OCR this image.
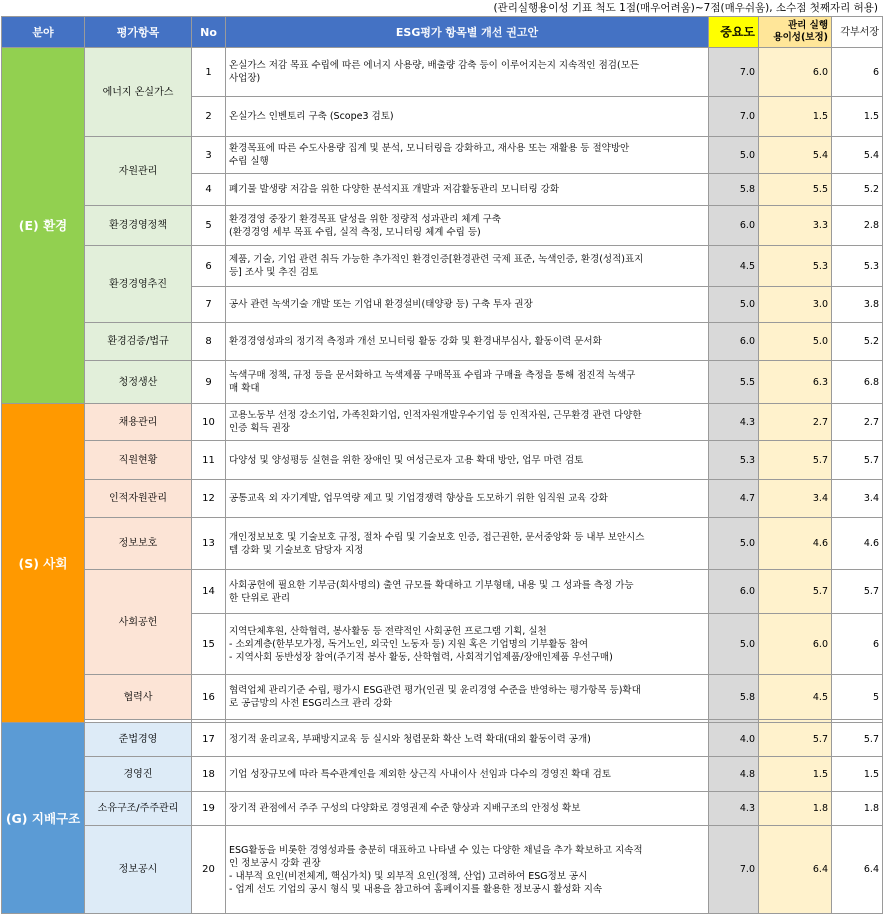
(관리실행용이성 기표 척도 1점(매우어려움)~7점(매우쉬움), 소수점 첫째자리 허용)
분야	평가항목	No	ESG평가 항목별 개선 권고안	중요도	관리 실행
용이성(보정)	각부서장
(E) 환경	에너지 온실가스	1	온실가스 저감 목표 수립에 따른 에너지 사용량, 배출량 감축 등이 이루어지는지 지속적인 점검(모든
사업장)	7.0	6.0	6
		2	온실가스 인벤토리 구축 (Scope3 검토)	7.0	1.5	1.5
	자원관리	3	환경목표에 따른 수도사용량 집계 및 분석, 모니터링을 강화하고, 재사용 또는 재활용 등 절약방안
수립 실행	5.0	5.4	5.4
		4	폐기물 발생량 저감을 위한 다양한 분석지표 개발과 저감활동관리 모니터링 강화	5.8	5.5	5.2
	환경경영정책	5	환경경영 중장기 환경목표 달성을 위한 정량적 성과관리 체계 구축
(환경경영 세부 목표 수립, 실적 측정, 모니터링 체계 수립 등)	6.0	3.3	2.8
	환경경영추진	6	제품, 기술, 기업 관련 취득 가능한 추가적인 환경인증[환경관련 국제 표준, 녹색인증, 환경(성적)표지
등] 조사 및 추진 검토	4.5	5.3	5.3
		7	공사 관련 녹색기술 개발 또는 기업내 환경설비(태양광 등) 구축 투자 권장	5.0	3.0	3.8
	환경검증/법규	8	환경경영성과의 정기적 측정과 개선 모니터링 활동 강화 및 환경내부심사, 활동이력 문서화	6.0	5.0	5.2
	청정생산	9	녹색구매 정책, 규정 등을 문서화하고 녹색제품 구매목표 수립과 구매율 측정을 통해 점진적 녹색구
매 확대	5.5	6.3	6.8
(S) 사회	채용관리	10	고용노동부 선정 강소기업, 가족친화기업, 인적자원개발우수기업 등 인적자원, 근무환경 관련 다양한
인증 획득 권장	4.3	2.7	2.7
	직원현황	11	다양성 및 양성평등 실현을 위한 장애인 및 여성근로자 고용 확대 방안, 업무 마련 검토	5.3	5.7	5.7
	인적자원관리	12	공통교육 외 자기계발, 업무역량 제고 및 기업경쟁력 향상을 도모하기 위한 임직원 교육 강화	4.7	3.4	3.4
	정보보호	13	개인정보보호 및 기술보호 규정, 절차 수립 및 기술보호 인증, 접근권한, 문서중앙화 등 내부 보안시스
템 강화 및 기술보호 담당자 지정	5.0	4.6	4.6
	사회공헌	14	사회공헌에 필요한 기부금(회사명의) 출연 규모를 확대하고 기부형태, 내용 및 그 성과를 측정 가능
한 단위로 관리	6.0	5.7	5.7
		15	지역단체후원, 산학협력, 봉사활동 등 전략적인 사회공헌 프로그램 기획, 실천
- 소외계층(한부모가정, 독거노인, 외국인 노동자 등) 지원 혹은 기업명의 기부활동 참여
- 지역사회 동반성장 참여(주기적 봉사 활동, 산학협력, 사회적기업제품/장애인제품 우선구매)	5.0	6.0	6
	협력사	16	협력업체 관리기준 수립, 평가시 ESG관련 평가(인권 및 윤리경영 수준을 반영하는 평가항목 등)확대
로 공급망의 사전 ESG리스크 관리 강화	5.8	4.5	5

(G) 지배구조	준법경영	17	정기적 윤리교육, 부패방지교육 등 실시와 청렴문화 확산 노력 확대(대외 활동이력 공개)	4.0	5.7	5.7
	경영진	18	기업 성장규모에 따라 특수관계인을 제외한 상근직 사내이사 선임과 다수의 경영진 확대 검토	4.8	1.5	1.5
	소유구조/주주관리	19	장기적 관점에서 주주 구성의 다양화로 경영권제 수준 향상과 지배구조의 안정성 확보	4.3	1.8	1.8
	정보공시	20	ESG활동을 비롯한 경영성과를 충분히 대표하고 나타낼 수 있는 다양한 채널을 추가 확보하고 지속적
인 정보공시 강화 권장
- 내부적 요인(비전체계, 핵심가치) 및 외부적 요인(정책, 산업) 고려하여 ESG정보 공시
- 업계 선도 기업의 공시 형식 및 내용을 참고하여 홈페이지를 활용한 정보공시 활성화 지속	7.0	6.4	6.4
